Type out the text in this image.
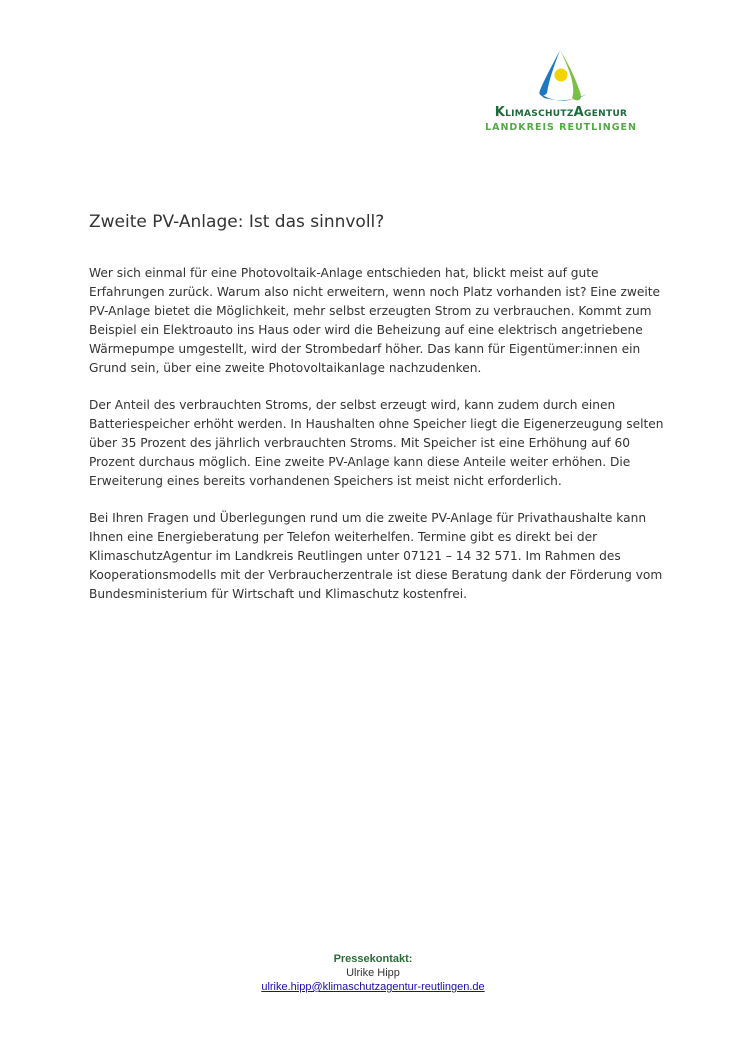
KlimaschutzAgentur
LANDKREIS REUTLINGEN
Zweite PV-Anlage: Ist das sinnvoll?

Wer sich einmal für eine Photovoltaik-Anlage entschieden hat, blickt meist auf gute Erfahrungen zurück. Warum also nicht erweitern, wenn noch Platz vorhanden ist? Eine zweite PV-Anlage bietet die Möglichkeit, mehr selbst erzeugten Strom zu verbrauchen. Kommt zum Beispiel ein Elektroauto ins Haus oder wird die Beheizung auf eine elektrisch angetriebene Wärmepumpe umgestellt, wird der Strombedarf höher. Das kann für Eigentümer:innen ein Grund sein, über eine zweite Photovoltaikanlage nachzudenken.

Der Anteil des verbrauchten Stroms, der selbst erzeugt wird, kann zudem durch einen Batteriespeicher erhöht werden. In Haushalten ohne Speicher liegt die Eigenerzeugung selten über 35 Prozent des jährlich verbrauchten Stroms. Mit Speicher ist eine Erhöhung auf 60 Prozent durchaus möglich. Eine zweite PV-Anlage kann diese Anteile weiter erhöhen. Die Erweiterung eines bereits vorhandenen Speichers ist meist nicht erforderlich.

Bei Ihren Fragen und Überlegungen rund um die zweite PV-Anlage für Privathaushalte kann Ihnen eine Energieberatung per Telefon weiterhelfen. Termine gibt es direkt bei der KlimaschutzAgentur im Landkreis Reutlingen unter 07121 – 14 32 571. Im Rahmen des Kooperationsmodells mit der Verbraucherzentrale ist diese Beratung dank der Förderung vom Bundesministerium für Wirtschaft und Klimaschutz kostenfrei.

Pressekontakt:
Ulrike Hipp
ulrike.hipp@klimaschutzagentur-reutlingen.de
